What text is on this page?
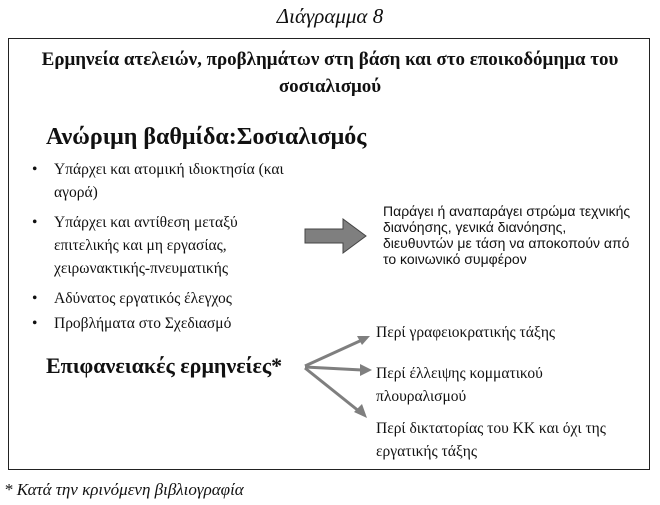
Διάγραμμα 8
Ερμηνεία ατελειών, προβλημάτων στη βάση και στο εποικοδόμημα του σοσιαλισμού
Ανώριμη βαθμίδα:Σοσιαλισμός
• Υπάρχει και ατομική ιδιοκτησία (και αγορά)
• Υπάρχει και αντίθεση μεταξύ επιτελικής και μη εργασίας, χειρωνακτικής-πνευματικής
• Αδύνατος εργατικός έλεγχος
• Προβλήματα στο Σχεδιασμό
Παράγει ή αναπαράγει στρώμα τεχνικής διανόησης, γενικά διανόησης, διευθυντών με τάση να αποκοπούν από το κοινωνικό συμφέρον
Επιφανειακές ερμηνείες*
Περί γραφειοκρατικής τάξης
Περί έλλειψης κομματικού πλουραλισμού
Περί δικτατορίας του ΚΚ και όχι της εργατικής τάξης
* Κατά την κρινόμενη βιβλιογραφία
